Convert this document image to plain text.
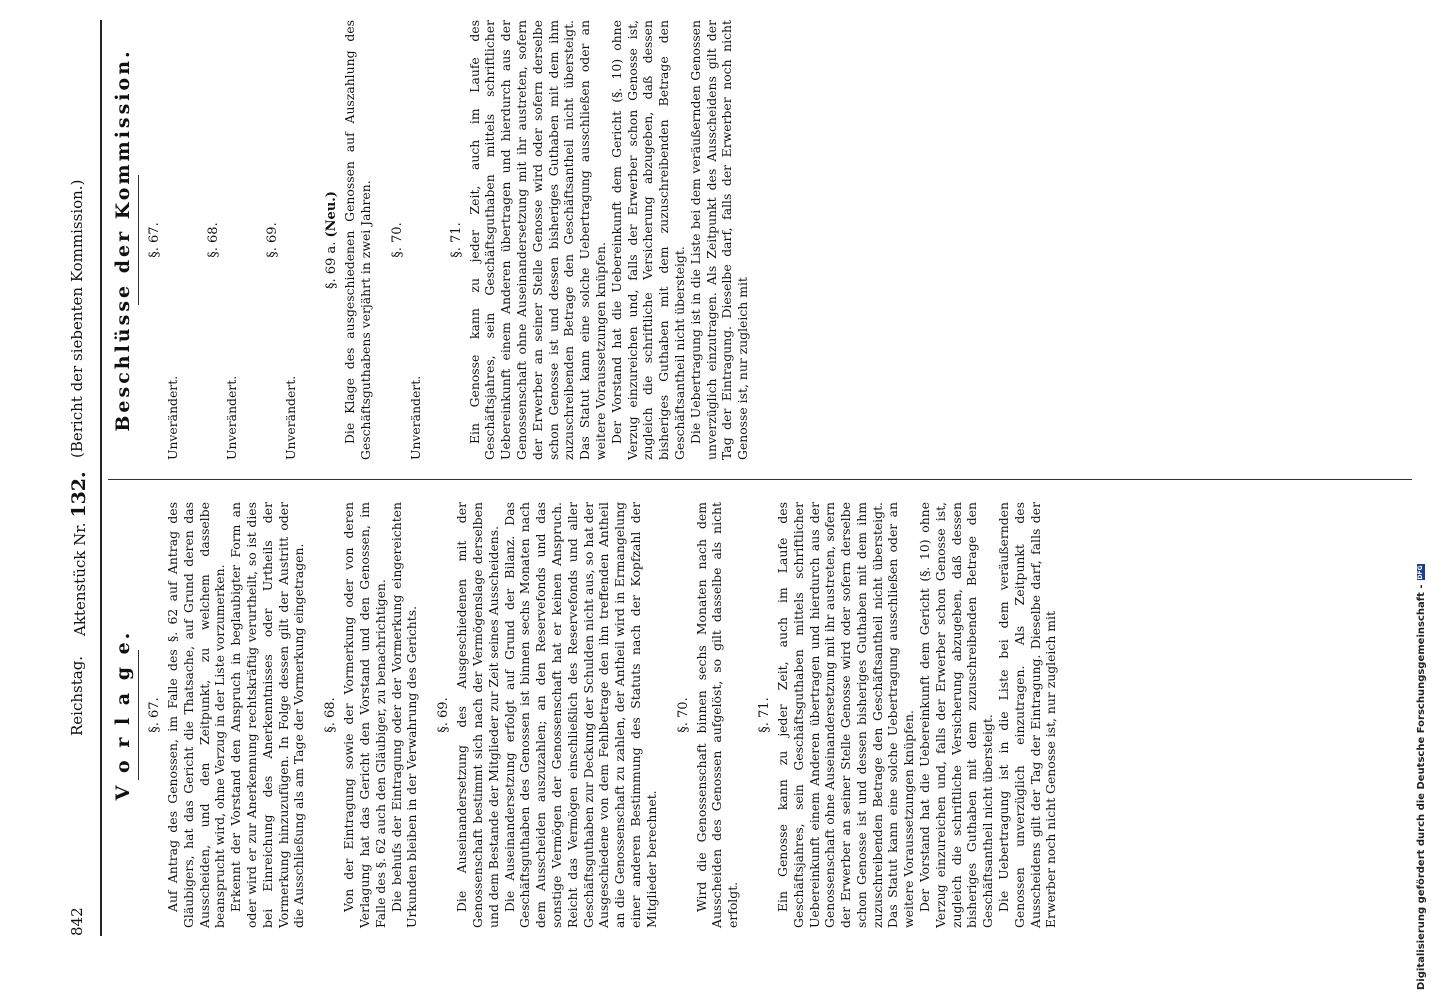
842
Reichstag.
Aktenstück Nr. 132.
(Bericht der siebenten Kommission.)
V o r l a g e. §. 67. Auf Antrag des Genossen, im Falle des §. 62 auf Antrag des Gläubigers, hat das Gericht die Thatsache, auf Grund deren das Ausscheiden, und den Zeitpunkt, zu welchem dasselbe beansprucht wird, ohne Verzug in der Liste vorzumerken. Erkennt der Vorstand den Anspruch in beglaubigter Form an oder wird er zur Anerkennung rechtskräftig verurtheilt, so ist dies bei Einreichung des Anerkenntnisses oder Urtheils der Vormerkung hinzuzufügen. In Folge dessen gilt der Austritt oder die Ausschließung als am Tage der Vormerkung eingetragen. §. 68. Von der Eintragung sowie der Vormerkung oder von deren Verlagung hat das Gericht den Vorstand und den Genossen, im Falle des §. 62 auch den Gläubiger, zu benachrichtigen. Die behufs der Eintragung oder der Vormerkung eingereichten Urkunden bleiben in der Verwahrung des Gerichts. §. 69. Die Auseinandersetzung des Ausgeschiedenen mit der Genossenschaft bestimmt sich nach der Vermögenslage derselben und dem Bestande der Mitglieder zur Zeit seines Ausscheidens. Die Auseinandersetzung erfolgt auf Grund der Bilanz. Das Geschäftsguthaben des Genossen ist binnen sechs Monaten nach dem Ausscheiden auszuzahlen; an den Reservefonds und das sonstige Vermögen der Genossenschaft hat er keinen Anspruch. Reicht das Vermögen einschließlich des Reservefonds und aller Geschäftsguthaben zur Deckung der Schulden nicht aus, so hat der Ausgeschiedene von dem Fehlbetrage den ihn treffenden Antheil an die Genossenschaft zu zahlen, der Antheil wird in Ermangelung einer anderen Bestimmung des Statuts nach der Kopfzahl der Mitglieder berechnet.

§. 70. Wird die Genossenschaft binnen sechs Monaten nach dem Ausscheiden des Genossen aufgelöst, so gilt dasselbe als nicht erfolgt.

§. 71. Ein Genosse kann zu jeder Zeit, auch im Laufe des Geschäftsjahres, sein Geschäftsguthaben mittels schriftlicher Uebereinkunft einem Anderen übertragen und hierdurch aus der Genossenschaft ohne Auseinandersetzung mit ihr austreten, sofern der Erwerber an seiner Stelle Genosse wird oder sofern derselbe schon Genosse ist und dessen bisheriges Guthaben mit dem ihm zuzuschreibenden Betrage den Geschäftsantheil nicht übersteigt. Das Statut kann eine solche Uebertragung ausschließen oder an weitere Voraussetzungen knüpfen. Der Vorstand hat die Uebereinkunft dem Gericht (§. 10) ohne Verzug einzureichen und, falls der Erwerber schon Genosse ist, zugleich die schriftliche Versicherung abzugeben, daß dessen bisheriges Guthaben mit dem zuzuschreibenden Betrage den Geschäftsantheil nicht übersteigt. Die Uebertragung ist in die Liste bei dem veräußernden Genossen unverzüglich einzutragen. Als Zeitpunkt des Ausscheidens gilt der Tag der Eintragung. Dieselbe darf, falls der Erwerber noch nicht Genosse ist, nur zugleich mit

Beschlüsse der Kommission. §. 67.

Unverändert.

§. 68.

Unverändert.

§. 69.

Unverändert.

§. 69 a. (Neu.) Die Klage des ausgeschiedenen Genossen auf Auszahlung des Geschäftsguthabens verjährt in zwei Jahren. §. 70.

Unverändert.

§. 71. Ein Genosse kann zu jeder Zeit, auch im Laufe des Geschäftsjahres, sein Geschäftsguthaben mittels schriftlicher Uebereinkunft einem Anderen übertragen und hierdurch aus der Genossenschaft ohne Auseinandersetzung mit ihr austreten, sofern der Erwerber an seiner Stelle Genosse wird oder sofern derselbe schon Genosse ist und dessen bisheriges Guthaben mit dem ihm zuzuschreibenden Betrage den Geschäftsantheil nicht übersteigt. Das Statut kann eine solche Uebertragung ausschließen oder an weitere Voraussetzungen knüpfen. Der Vorstand hat die Uebereinkunft dem Gericht (§. 10) ohne Verzug einzureichen und, falls der Erwerber schon Genosse ist, zugleich die schriftliche Versicherung abzugeben, daß dessen bisheriges Guthaben mit dem zuzuschreibenden Betrage den Geschäftsantheil nicht übersteigt. Die Uebertragung ist in die Liste bei dem veräußernden Genossen unverzüglich einzutragen. Als Zeitpunkt des Ausscheidens gilt der Tag der Eintragung. Dieselbe darf, falls der Erwerber noch nicht Genosse ist, nur zugleich mit

Digitalisierung gefördert durch die Deutsche Forschungsgemeinschaft -DFG
